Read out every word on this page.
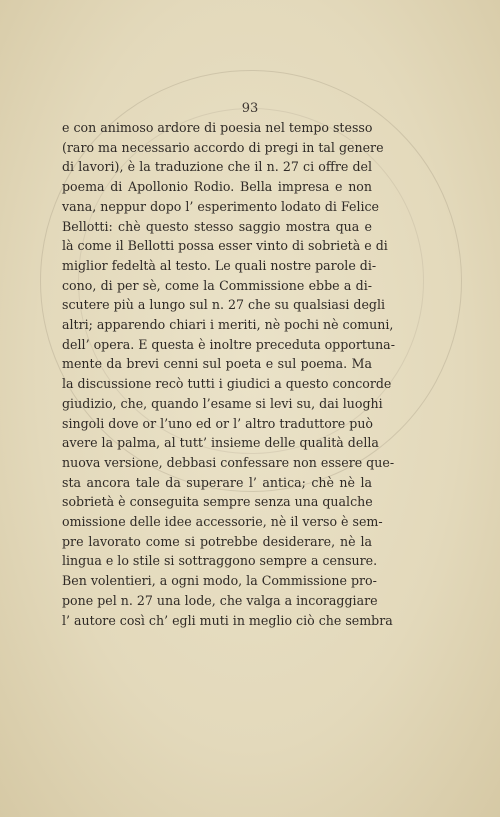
93
e con animoso ardore di poesia nel tempo stesso
(raro ma necessario accordo di pregi in tal genere
di lavori), è la traduzione che il n. 27 ci offre del
poema di Apollonio Rodio. Bella impresa e non
vana, neppur dopo l’ esperimento lodato di Felice
Bellotti: chè questo stesso saggio mostra qua e
là come il Bellotti possa esser vinto di sobrietà e di
miglior fedeltà al testo. Le quali nostre parole di-
cono, di per sè, come la Commissione ebbe a di-
scutere più a lungo sul n. 27 che su qualsiasi degli
altri; apparendo chiari i meriti, nè pochi nè comuni,
dell’ opera. E questa è inoltre preceduta opportuna-
mente da brevi cenni sul poeta e sul poema. Ma
la discussione recò tutti i giudici a questo concorde
giudizio, che, quando l’esame si levi su, dai luoghi
singoli dove or l’uno ed or l’ altro traduttore può
avere la palma, al tutt’ insieme delle qualità della
nuova versione, debbasi confessare non essere que-
sta ancora tale da superare l’ antica; chè nè la
sobrietà è conseguita sempre senza una qualche
omissione delle idee accessorie, nè il verso è sem-
pre lavorato come si potrebbe desiderare, nè la
lingua e lo stile si sottraggono sempre a censure.
Ben volentieri, a ogni modo, la Commissione pro-
pone pel n. 27 una lode, che valga a incoraggiare
l’ autore così ch’ egli muti in meglio ciò che sembra
